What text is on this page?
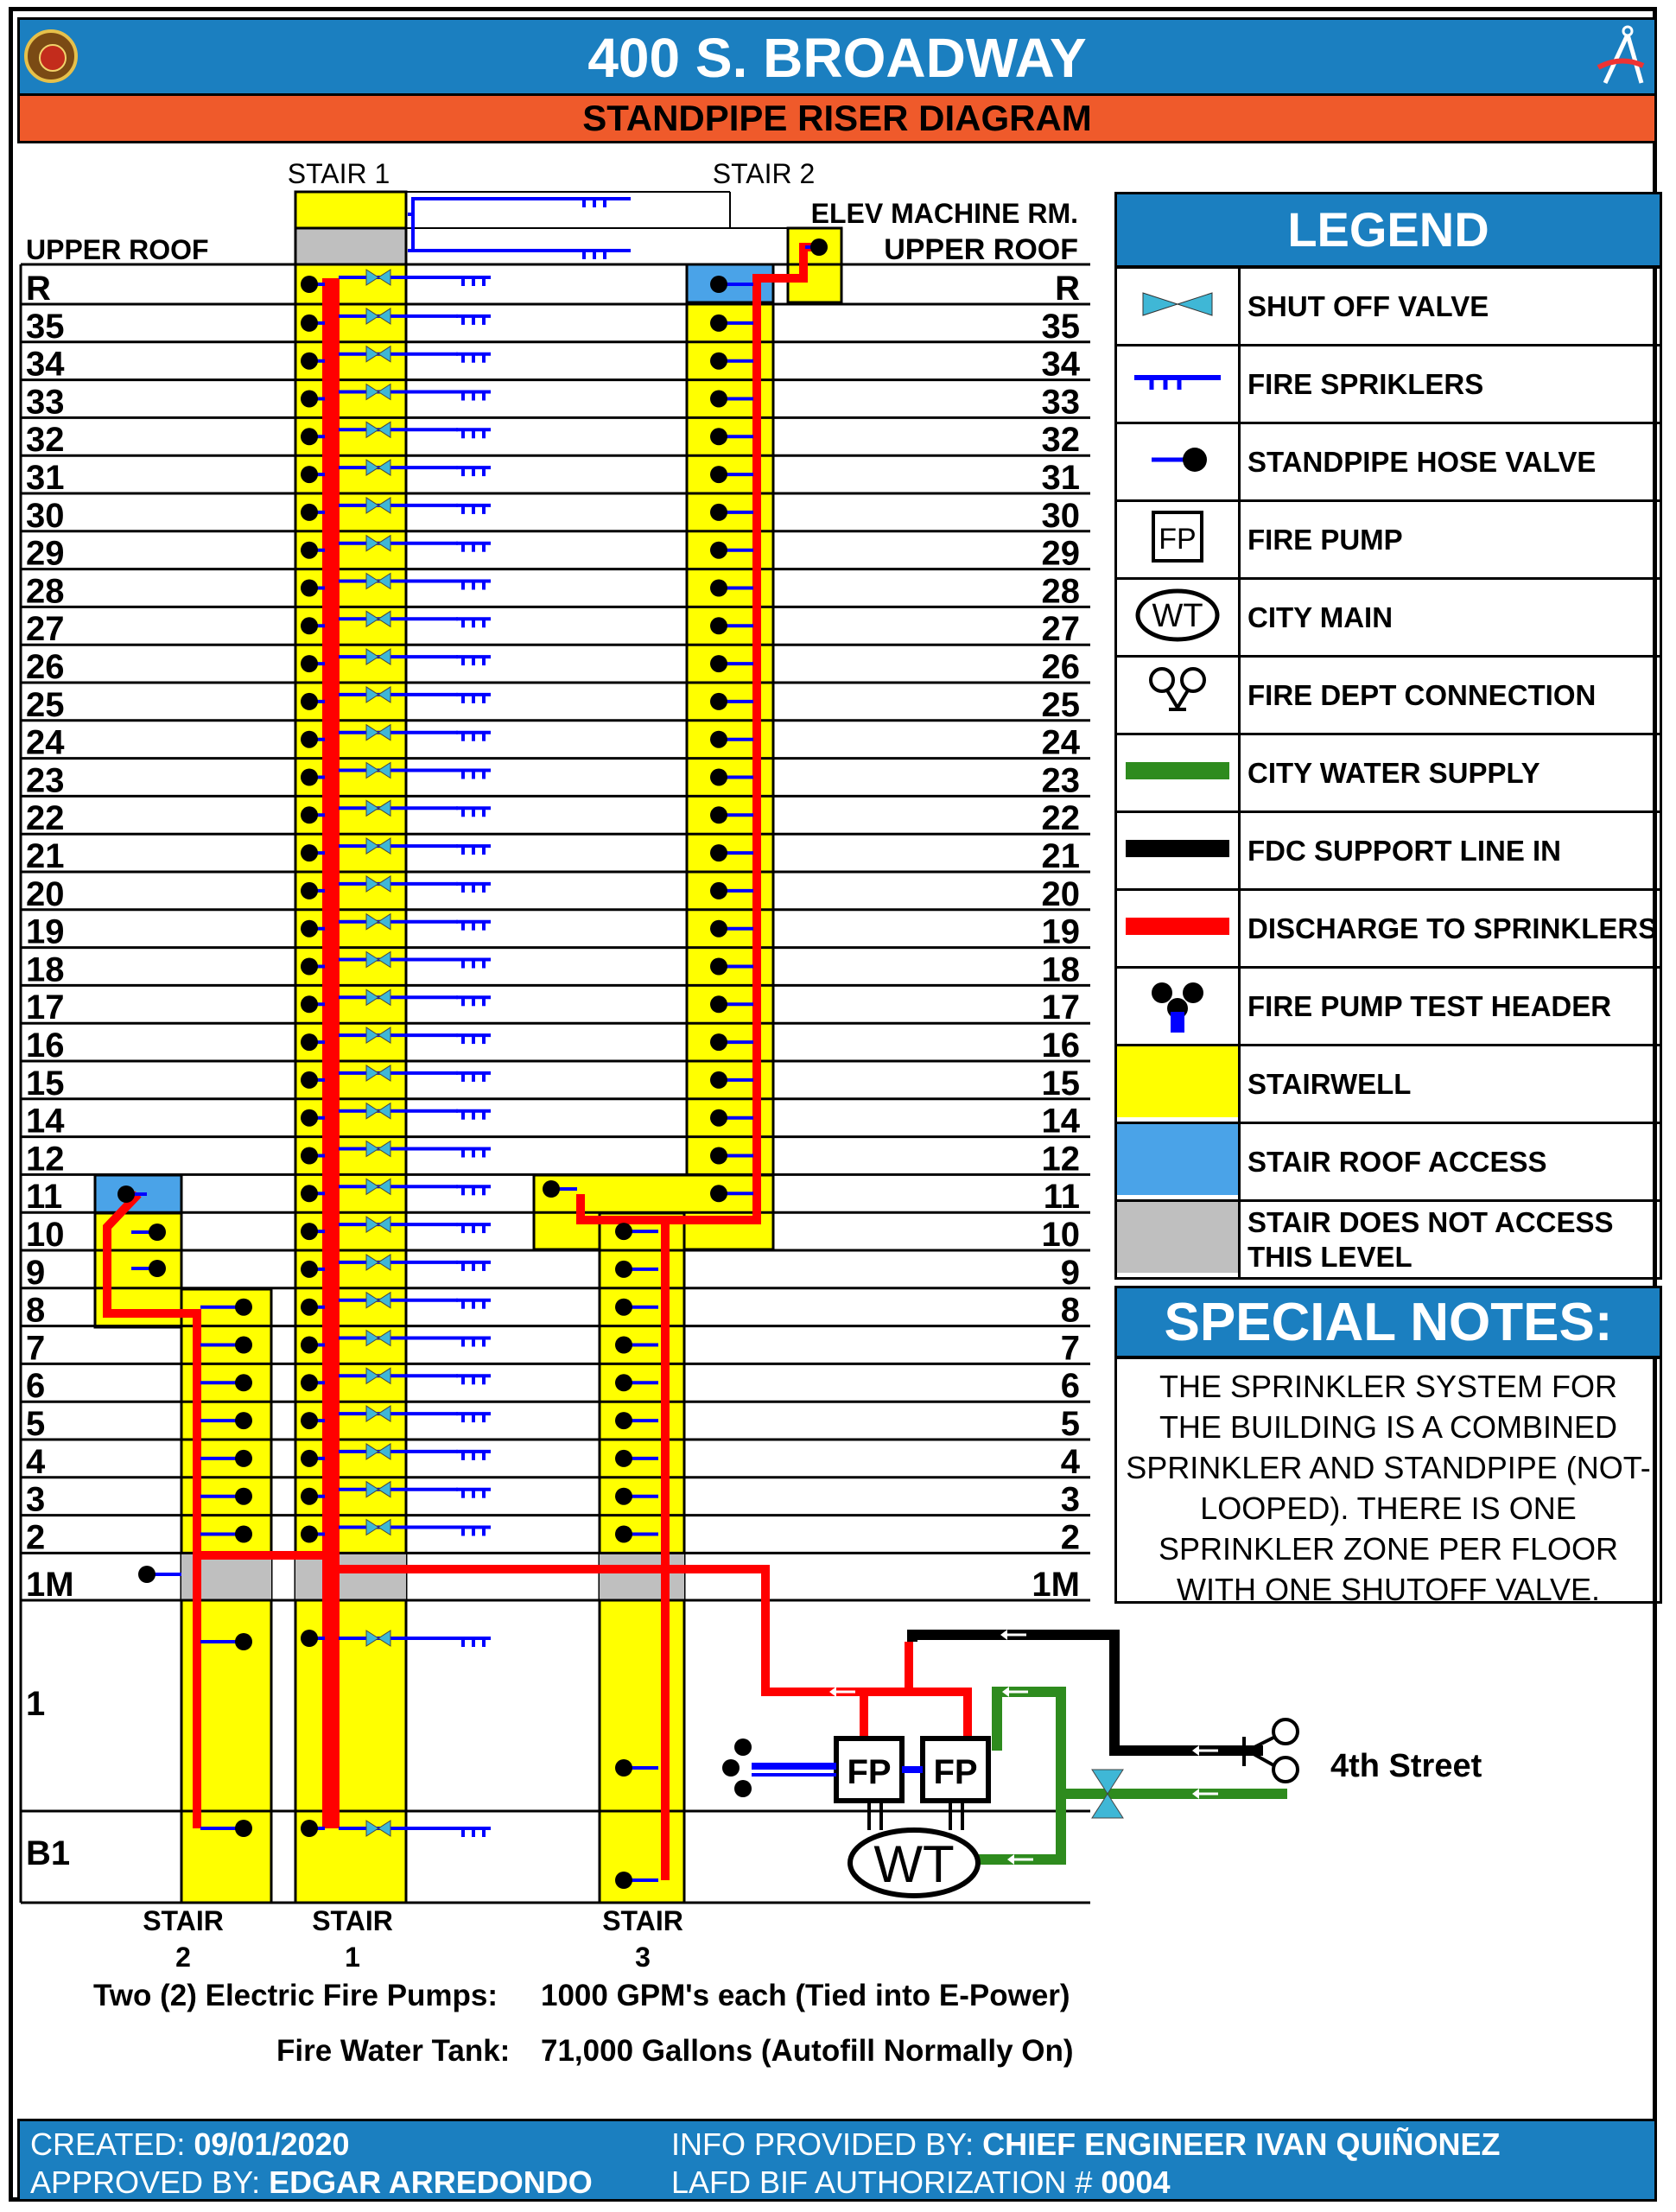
400 S. BROADWAY
STANDPIPE RISER DIAGRAM
R	R
35	35
34	34
33	33
32	32
31	31
30	30
29	29
28	28
27	27
26	26
25	25
24	24
23	23
22	22
21	21
20	20
19	19
18	18
17	17
16	16
15	15
14	14
12	12
11	11
10	10
9	9
8	8
7	7
6	6
5	5
4	4
3	3
2	2
1M	1M
1
B1
STAIR 1	STAIR 2
ELEV MACHINE RM.
UPPER ROOF	UPPER ROOF
4th Street
FP FP
WT
STAIR
2
STAIR
1
STAIR
3
LEGEND
	SHUT OFF VALVE
	FIRE SPRIKLERS
	STANDPIPE HOSE VALVE

FP	FIRE PUMP

WT	CITY MAIN
	FIRE DEPT CONNECTION
	CITY WATER SUPPLY
	FDC SUPPORT LINE IN
	DISCHARGE TO SPRINKLERS
	FIRE PUMP TEST HEADER
	STAIRWELL
	STAIR ROOF ACCESS
	STAIR DOES NOT ACCESS THIS LEVEL
SPECIAL NOTES:
THE SPRINKLER SYSTEM FOR
THE BUILDING IS A COMBINED
SPRINKLER AND STANDPIPE (NOT-
LOOPED). THERE IS ONE
SPRINKLER ZONE PER FLOOR
WITH ONE SHUTOFF VALVE.
Two (2) Electric Fire Pumps: 1000 GPM's each (Tied into E-Power)
Fire Water Tank: 71,000 Gallons (Autofill Normally On)
CREATED: 09/01/2020
APPROVED BY: EDGAR ARREDONDO
INFO PROVIDED BY: CHIEF ENGINEER IVAN QUIÑONEZ
LAFD BIF AUTHORIZATION # 0004
